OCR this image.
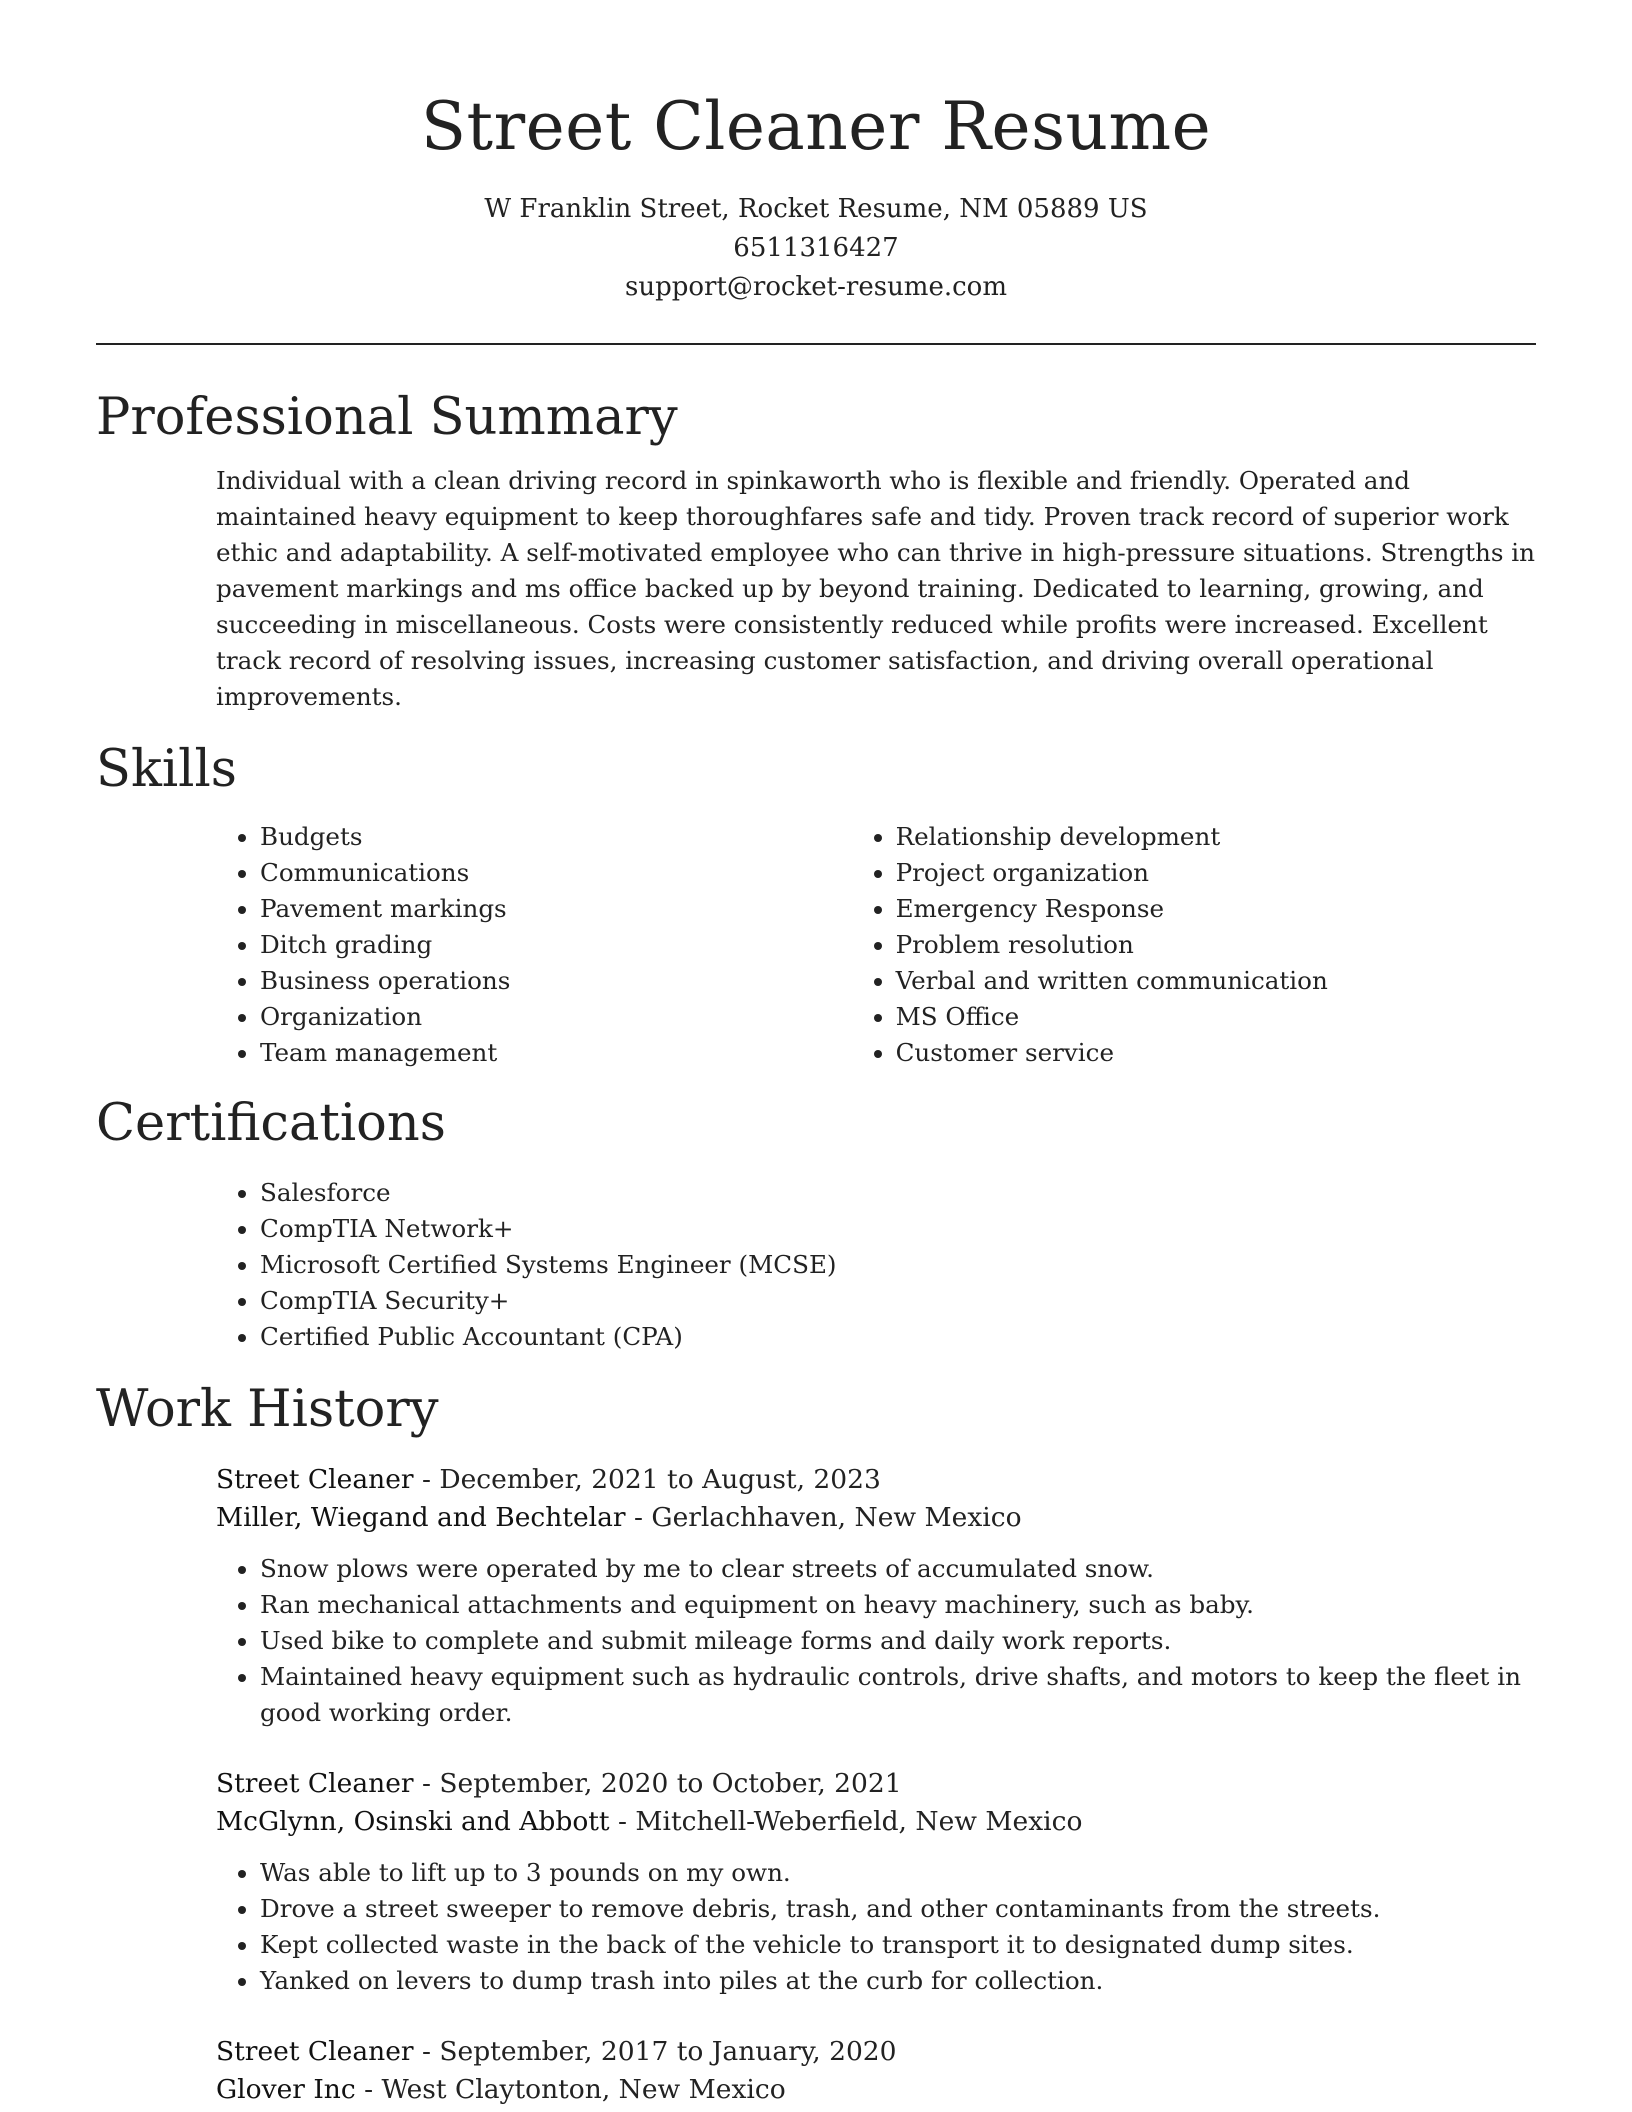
Street Cleaner Resume
W Franklin Street, Rocket Resume, NM 05889 US
6511316427
support@rocket-resume.com
Professional Summary

Individual with a clean driving record in spinkaworth who is flexible and friendly. Operated and maintained heavy equipment to keep thoroughfares safe and tidy. Proven track record of superior work ethic and adaptability. A self-motivated employee who can thrive in high-pressure situations. Strengths in pavement markings and ms office backed up by beyond training. Dedicated to learning, growing, and succeeding in miscellaneous. Costs were consistently reduced while profits were increased. Excellent track record of resolving issues, increasing customer satisfaction, and driving overall operational improvements.

Skills
• Budgets
• Communications
• Pavement markings
• Ditch grading
• Business operations
• Organization
• Team management
• Relationship development
• Project organization
• Emergency Response
• Problem resolution
• Verbal and written communication
• MS Office
• Customer service
Certifications
• Salesforce
• CompTIA Network+
• Microsoft Certified Systems Engineer (MCSE)
• CompTIA Security+
• Certified Public Accountant (CPA)
Work History

Street Cleaner - December, 2021 to August, 2023

Miller, Wiegand and Bechtelar - Gerlachhaven, New Mexico

• Snow plows were operated by me to clear streets of accumulated snow.
• Ran mechanical attachments and equipment on heavy machinery, such as baby.
• Used bike to complete and submit mileage forms and daily work reports.
• Maintained heavy equipment such as hydraulic controls, drive shafts, and motors to keep the fleet in good working order.

Street Cleaner - September, 2020 to October, 2021

McGlynn, Osinski and Abbott - Mitchell-Weberfield, New Mexico

• Was able to lift up to 3 pounds on my own.
• Drove a street sweeper to remove debris, trash, and other contaminants from the streets.
• Kept collected waste in the back of the vehicle to transport it to designated dump sites.
• Yanked on levers to dump trash into piles at the curb for collection.

Street Cleaner - September, 2017 to January, 2020

Glover Inc - West Claytonton, New Mexico
